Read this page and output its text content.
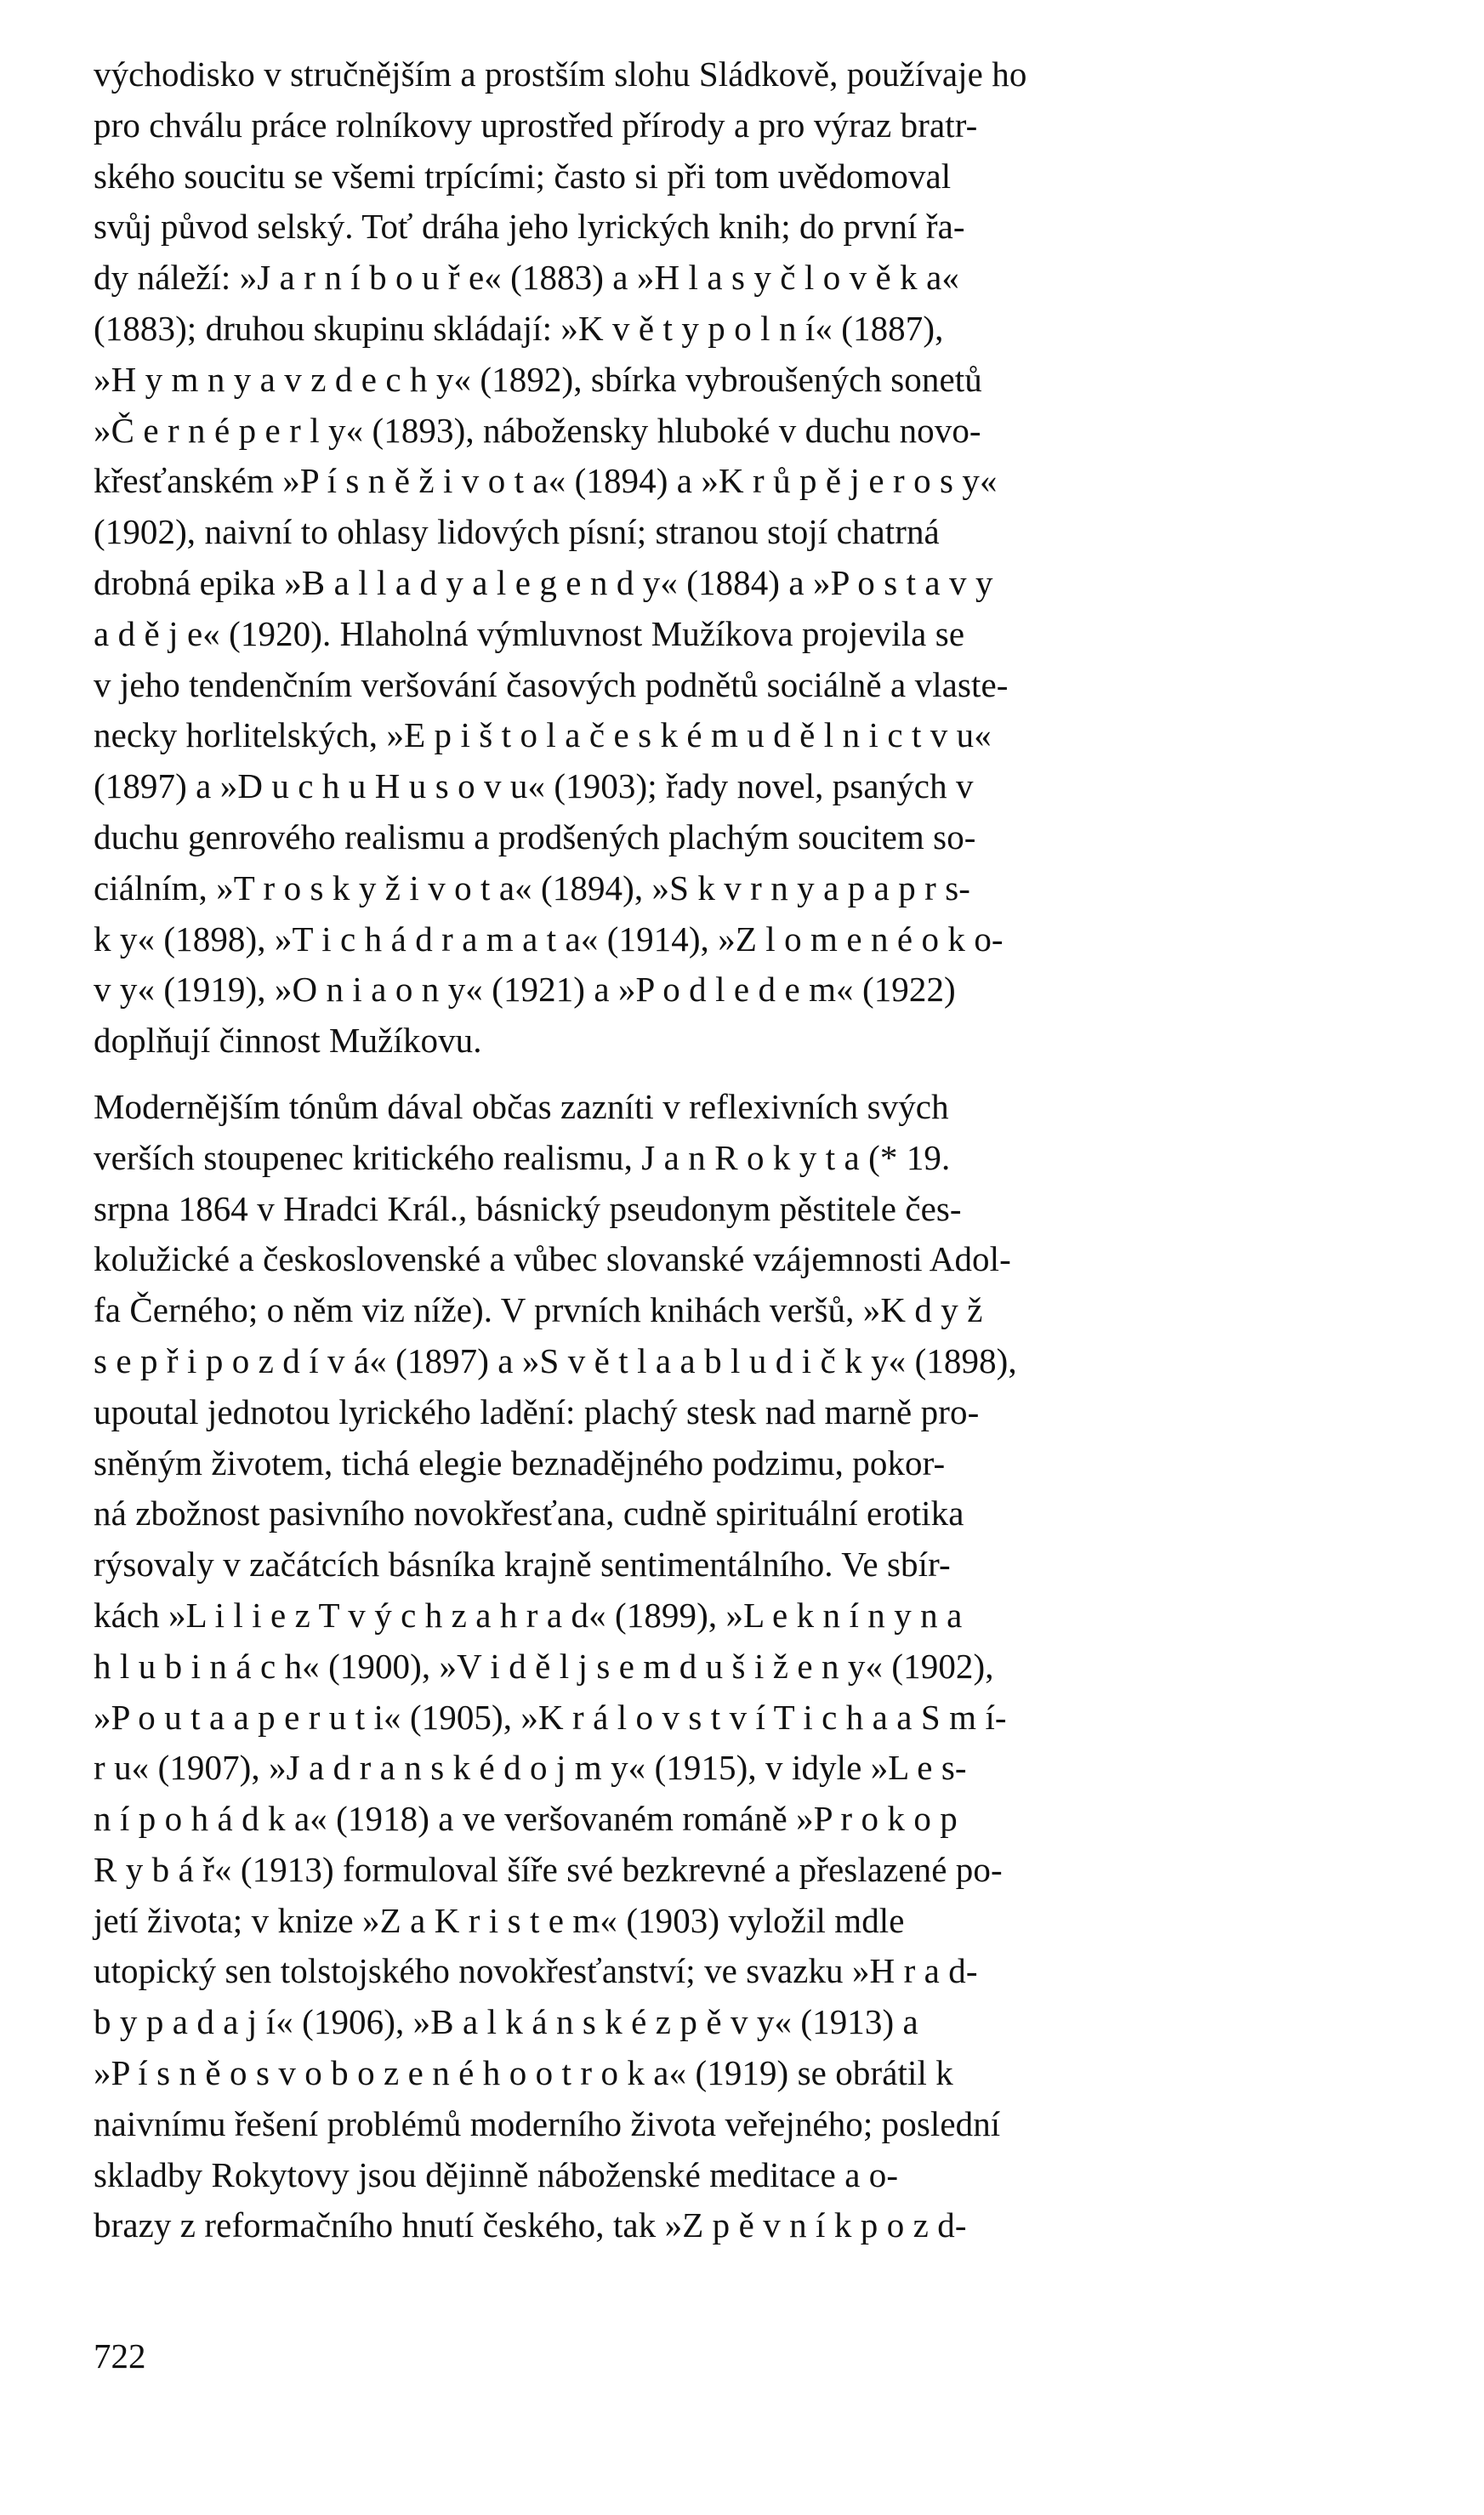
východisko v stručnějším a prostším slohu Sládkově, používaje ho
pro chválu práce rolníkovy uprostřed přírody a pro výraz bratr-
ského soucitu se všemi trpícími; často si při tom uvědomoval
svůj původ selský. Toť dráha jeho lyrických knih; do první řa-
dy náleží: »J a r n í b o u ř e« (1883) a »H l a s y č l o v ě k a«
(1883); druhou skupinu skládají: »K v ě t y p o l n í« (1887),
»H y m n y a v z d e c h y« (1892), sbírka vybroušených sonetů
»Č e r n é p e r l y« (1893), nábožensky hluboké v duchu novo-
křesťanském »P í s n ě ž i v o t a« (1894) a »K r ů p ě j e r o s y«
(1902), naivní to ohlasy lidových písní; stranou stojí chatrná
drobná epika »B a l l a d y a l e g e n d y« (1884) a »P o s t a v y
a d ě j e« (1920). Hlaholná výmluvnost Mužíkova projevila se
v jeho tendenčním veršování časových podnětů sociálně a vlaste-
necky horlitelských, »E p i š t o l a č e s k é m u d ě l n i c t v u«
(1897) a »D u c h u H u s o v u« (1903); řady novel, psaných v
duchu genrového realismu a prodšených plachým soucitem so-
ciálním, »T r o s k y ž i v o t a« (1894), »S k v r n y a p a p r s-
k y« (1898), »T i c h á d r a m a t a« (1914), »Z l o m e n é o k o-
v y« (1919), »O n i a o n y« (1921) a »P o d l e d e m« (1922)
doplňují činnost Mužíkovu.
Modernějším tónům dával občas zazníti v reflexivních svých
verších stoupenec kritického realismu, J a n R o k y t a (* 19.
srpna 1864 v Hradci Král., básnický pseudonym pěstitele čes-
kolužické a československé a vůbec slovanské vzájemnosti Adol-
fa Černého; o něm viz níže). V prvních knihách veršů, »K d y ž
s e p ř i p o z d í v á« (1897) a »S v ě t l a a b l u d i č k y« (1898),
upoutal jednotou lyrického ladění: plachý stesk nad marně pro-
sněným životem, tichá elegie beznadějného podzimu, pokor-
ná zbožnost pasivního novokřesťana, cudně spirituální erotika
rýsovaly v začátcích básníka krajně sentimentálního. Ve sbír-
kách »L i l i e z T v ý c h z a h r a d« (1899), »L e k n í n y n a
h l u b i n á c h« (1900), »V i d ě l j s e m d u š i ž e n y« (1902),
»P o u t a a p e r u t i« (1905), »K r á l o v s t v í T i c h a a S m í-
r u« (1907), »J a d r a n s k é d o j m y« (1915), v idyle »L e s-
n í p o h á d k a« (1918) a ve veršovaném románě »P r o k o p
R y b á ř« (1913) formuloval šíře své bezkrevné a přeslazené po-
jetí života; v knize »Z a K r i s t e m« (1903) vyložil mdle
utopický sen tolstojského novokřesťanství; ve svazku »H r a d-
b y p a d a j í« (1906), »B a l k á n s k é z p ě v y« (1913) a
»P í s n ě o s v o b o z e n é h o o t r o k a« (1919) se obrátil k
naivnímu řešení problémů moderního života veřejného; poslední
skladby Rokytovy jsou dějinně náboženské meditace a o-
brazy z reformačního hnutí českého, tak »Z p ě v n í k p o z d-
722
